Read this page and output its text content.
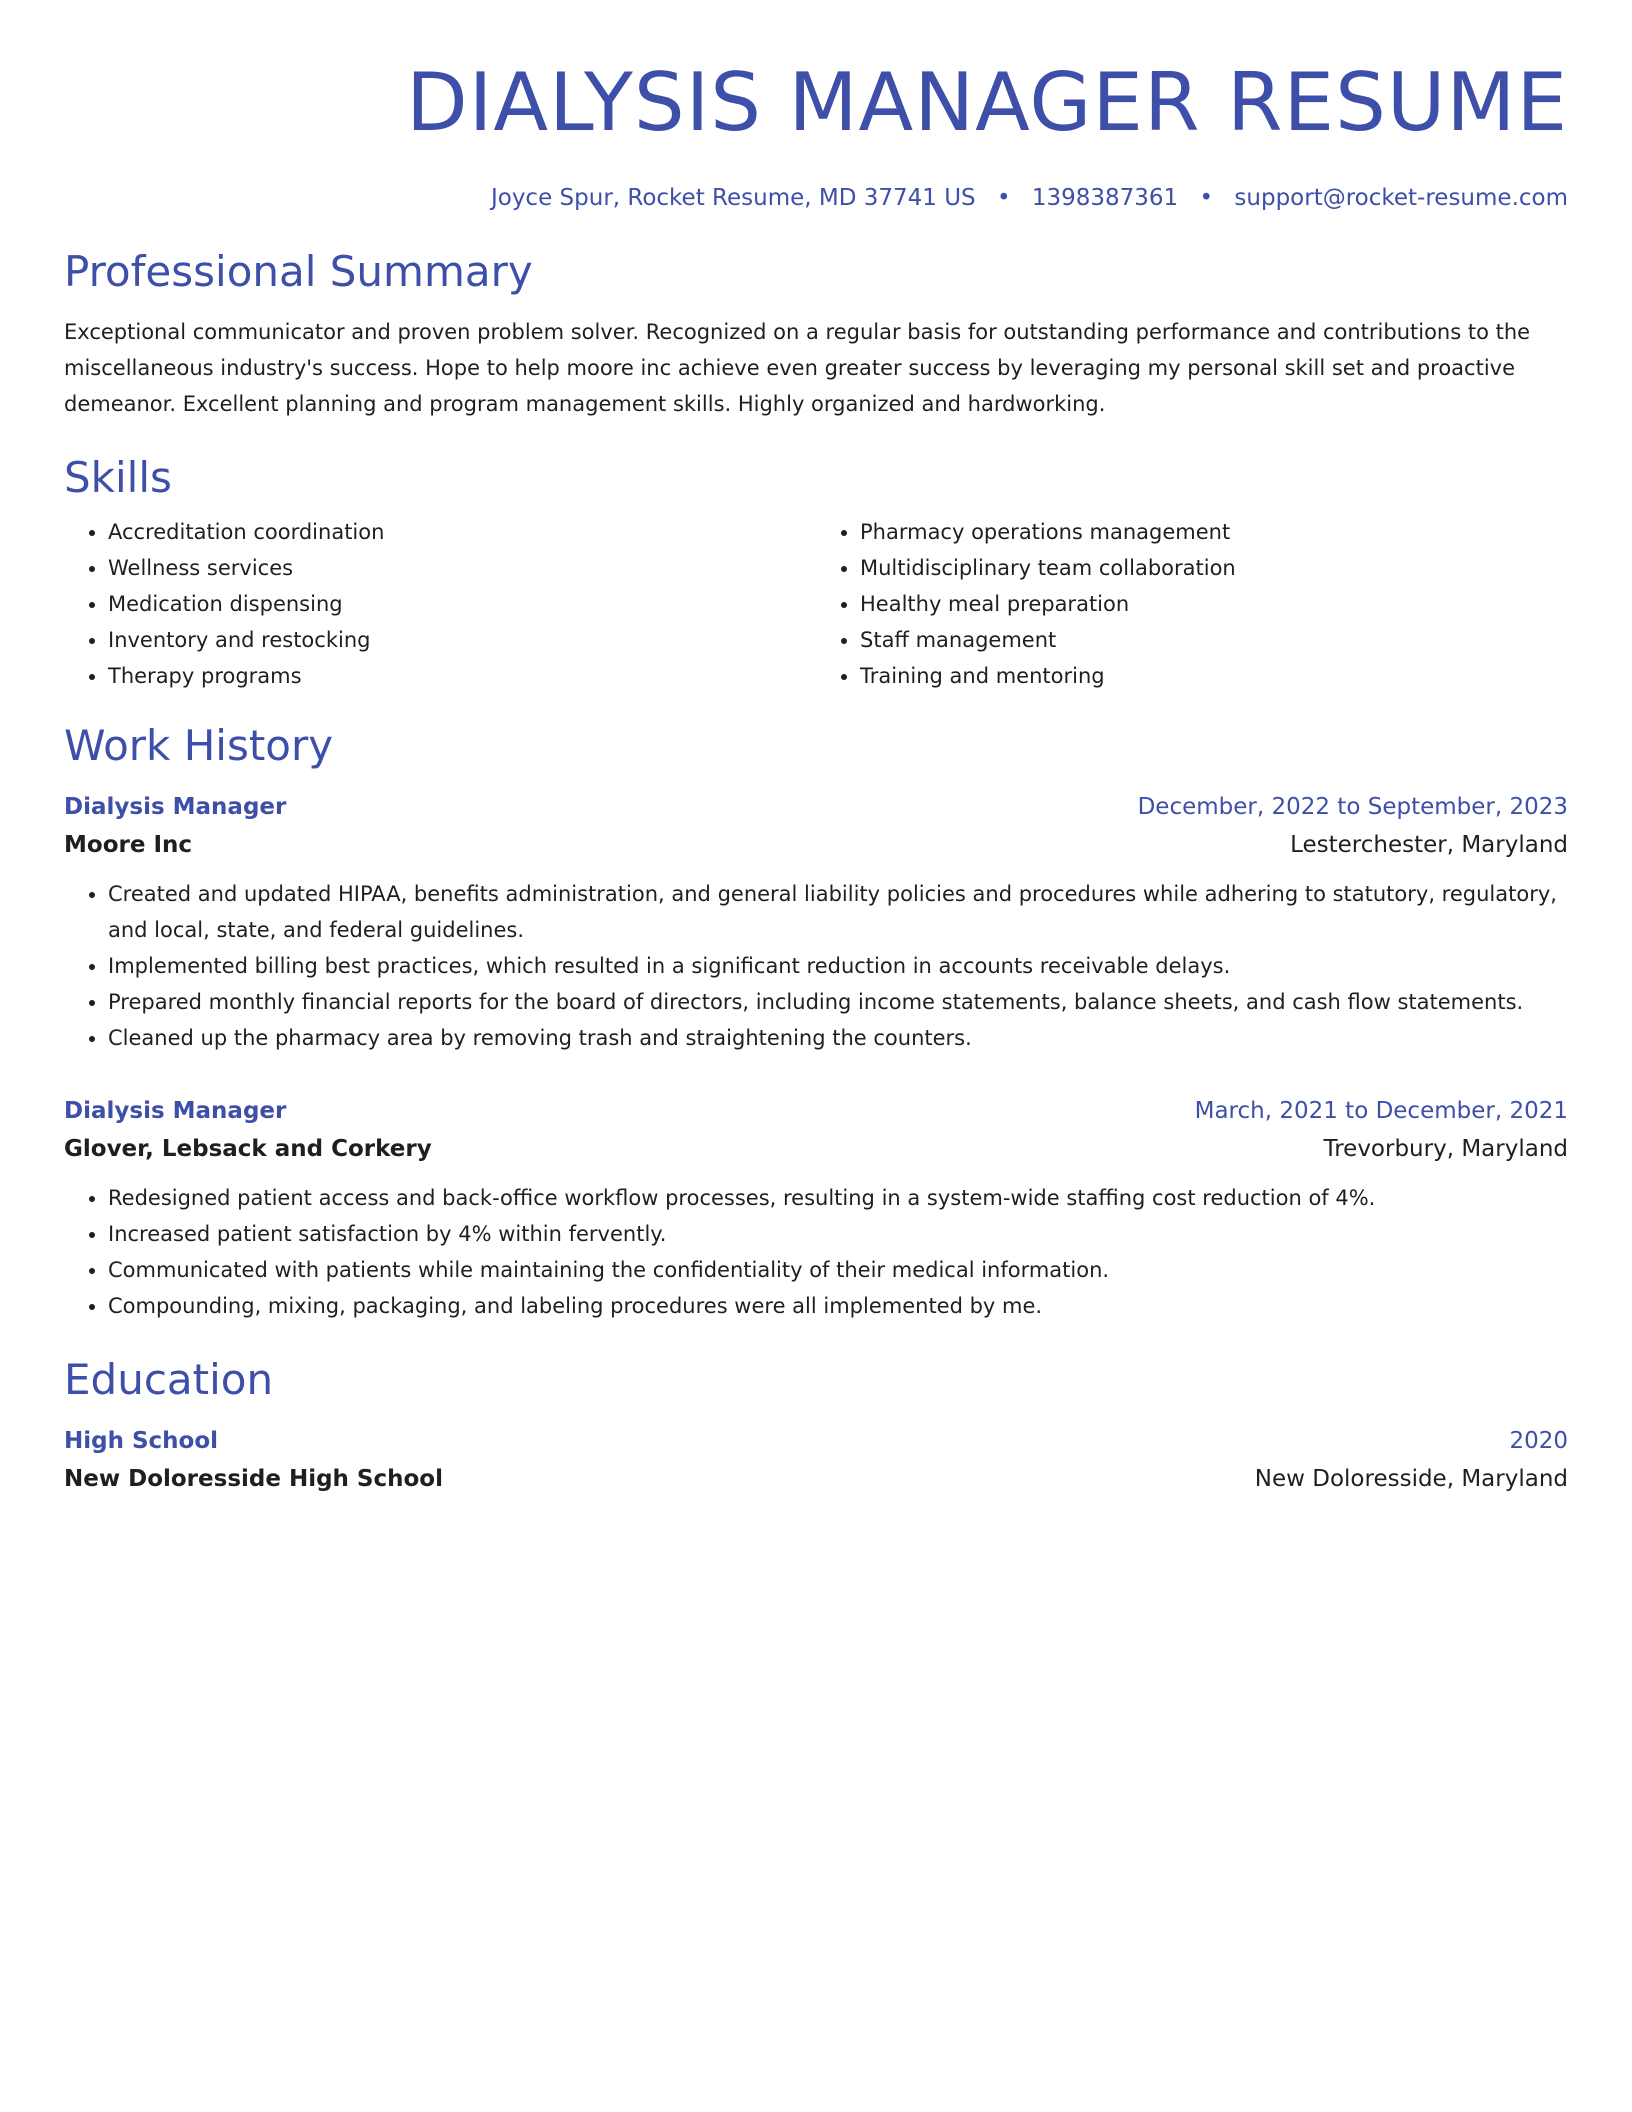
DIALYSIS MANAGER RESUME
Joyce Spur, Rocket Resume, MD 37741 US • 1398387361 • support@rocket-resume.com
Professional Summary

Exceptional communicator and proven problem solver. Recognized on a regular basis for outstanding performance and contributions to the miscellaneous industry's success. Hope to help moore inc achieve even greater success by leveraging my personal skill set and proactive demeanor. Excellent planning and program management skills. Highly organized and hardworking.

Skills
• Accreditation coordination
• Wellness services
• Medication dispensing
• Inventory and restocking
• Therapy programs
• Pharmacy operations management
• Multidisciplinary team collaboration
• Healthy meal preparation
• Staff management
• Training and mentoring
Work History
Dialysis Manager	December, 2022 to September, 2023
Moore Inc	Lesterchester, Maryland
• Created and updated HIPAA, benefits administration, and general liability policies and procedures while adhering to statutory, regulatory, and local, state, and federal guidelines.
• Implemented billing best practices, which resulted in a significant reduction in accounts receivable delays.
• Prepared monthly financial reports for the board of directors, including income statements, balance sheets, and cash flow statements.
• Cleaned up the pharmacy area by removing trash and straightening the counters.
Dialysis Manager	March, 2021 to December, 2021
Glover, Lebsack and Corkery	Trevorbury, Maryland
• Redesigned patient access and back-office workflow processes, resulting in a system-wide staffing cost reduction of 4%.
• Increased patient satisfaction by 4% within fervently.
• Communicated with patients while maintaining the confidentiality of their medical information.
• Compounding, mixing, packaging, and labeling procedures were all implemented by me.
Education
High School	2020
New Doloresside High School	New Doloresside, Maryland
